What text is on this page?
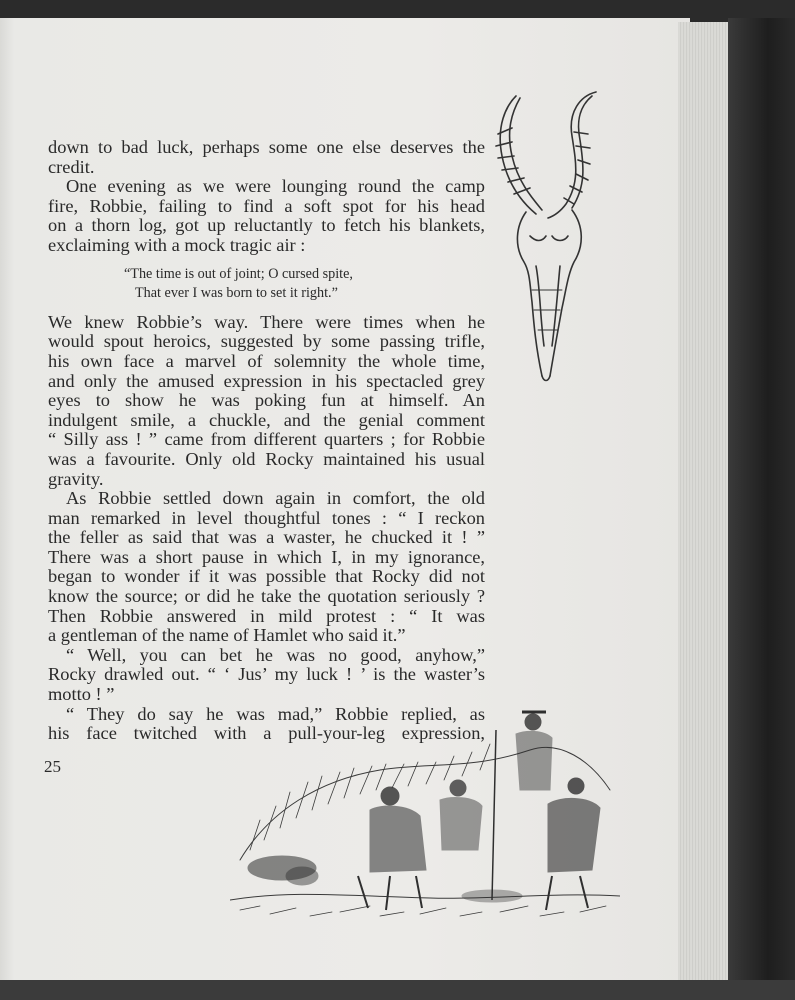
down to bad luck, perhaps some one else deserves the
credit.
One evening as we were lounging round the camp
fire, Robbie, failing to find a soft spot for his head
on a thorn log, got up reluctantly to fetch his blankets,
exclaiming with a mock tragic air :
“The time is out of joint; O cursed spite,
That ever I was born to set it right.”
We knew Robbie’s way. There were times when he
would spout heroics, suggested by some passing trifle,
his own face a marvel of solemnity the whole time,
and only the amused expression in his spectacled grey
eyes to show he was poking fun at himself. An
indulgent smile, a chuckle, and the genial comment
“ Silly ass ! ” came from different quarters ; for Robbie
was a favourite. Only old Rocky maintained his usual
gravity.
As Robbie settled down again in comfort, the old
man remarked in level thoughtful tones : “ I reckon
the feller as said that was a waster, he chucked it ! ”
There was a short pause in which I, in my ignorance,
began to wonder if it was possible that Rocky did not
know the source; or did he take the quotation seriously ?
Then Robbie answered in mild protest : “ It was
a gentleman of the name of Hamlet who said it.”
“ Well, you can bet he was no good, anyhow,”
Rocky drawled out. “ ‘ Jus’ my luck ! ’ is the waster’s
motto ! ”
“ They do say he was mad,” Robbie replied, as
his face twitched with a pull-your-leg expression,
25
